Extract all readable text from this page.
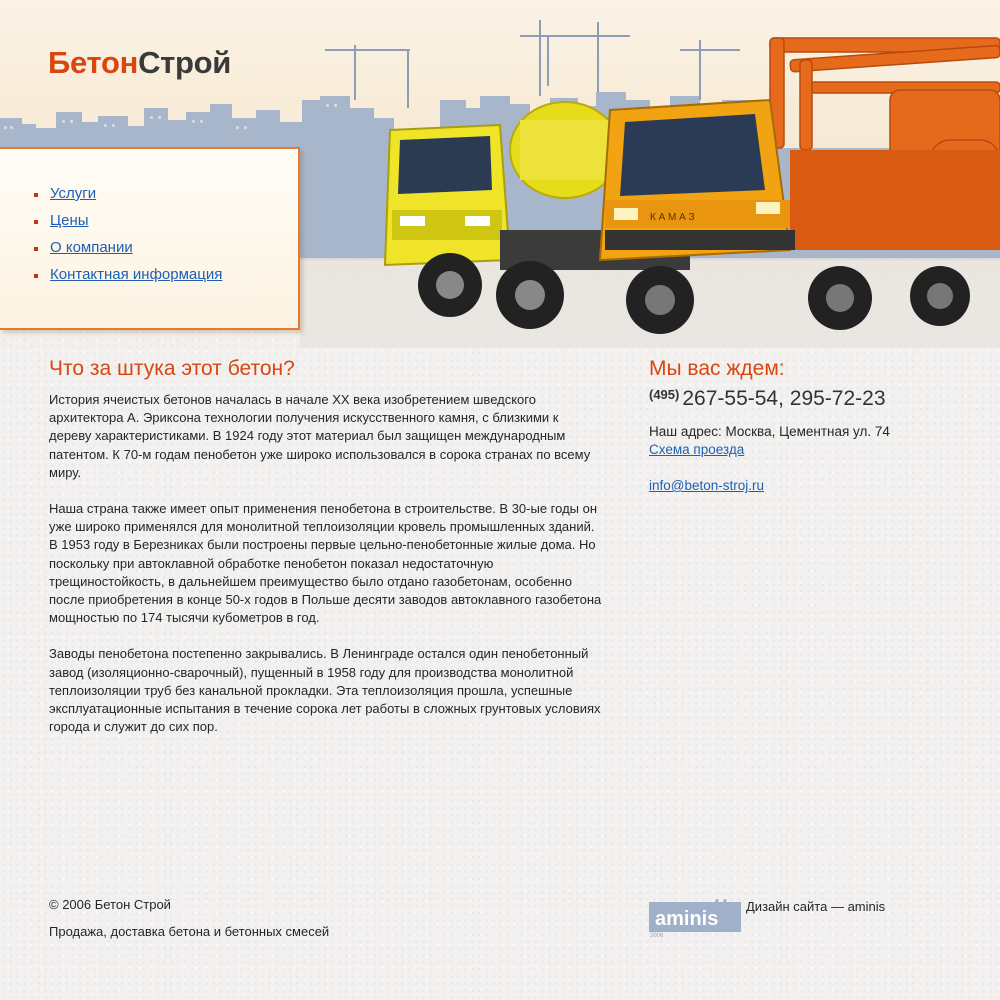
БетонСтрой
К А М А З
Услуги
Цены
О компании
Контактная информация
Что за штука этот бетон?

История ячеистых бетонов началась в начале XX века изобретением шведского архитектора А. Эриксона технологии получения искусственного камня, с близкими к дереву характеристиками. В 1924 году этот материал был защищен международным патентом. К 70-м годам пенобетон уже широко использовался в сорока странах по всему миру.

Наша страна также имеет опыт применения пенобетона в строительстве. В 30-ые годы он уже широко применялся для монолитной теплоизоляции кровель промышленных зданий. В 1953 году в Березниках были построены первые цельно-пенобетонные жилые дома. Но поскольку при автоклавной обработке пенобетон показал недостаточную трещиностойкость, в дальнейшем преимущество было отдано газобетонам, особенно после приобретения в конце 50-х годов в Польше десяти заводов автоклавного газобетона мощностью по 174 тысячи кубометров в год.

Заводы пенобетона постепенно закрывались. В Ленинграде остался один пенобетонный завод (изоляционно-сварочный), пущенный в 1958 году для производства монолитной теплоизоляции труб без канальной прокладки. Эта теплоизоляция прошла, успешные эксплуатационные испытания в течение сорока лет работы в сложных грунтовых условиях города и служит до сих пор.

Мы вас ждем:
$^{(495)}$ 267-55-54, 295-72-23
Наш адрес: Москва, Цементная ул. 74
Схема проезда
info@beton-stroj.ru
© 2006 Бетон Строй
Продажа, доставка бетона и бетонных смесей
aminis
2006
Дизайн сайта — aminis
